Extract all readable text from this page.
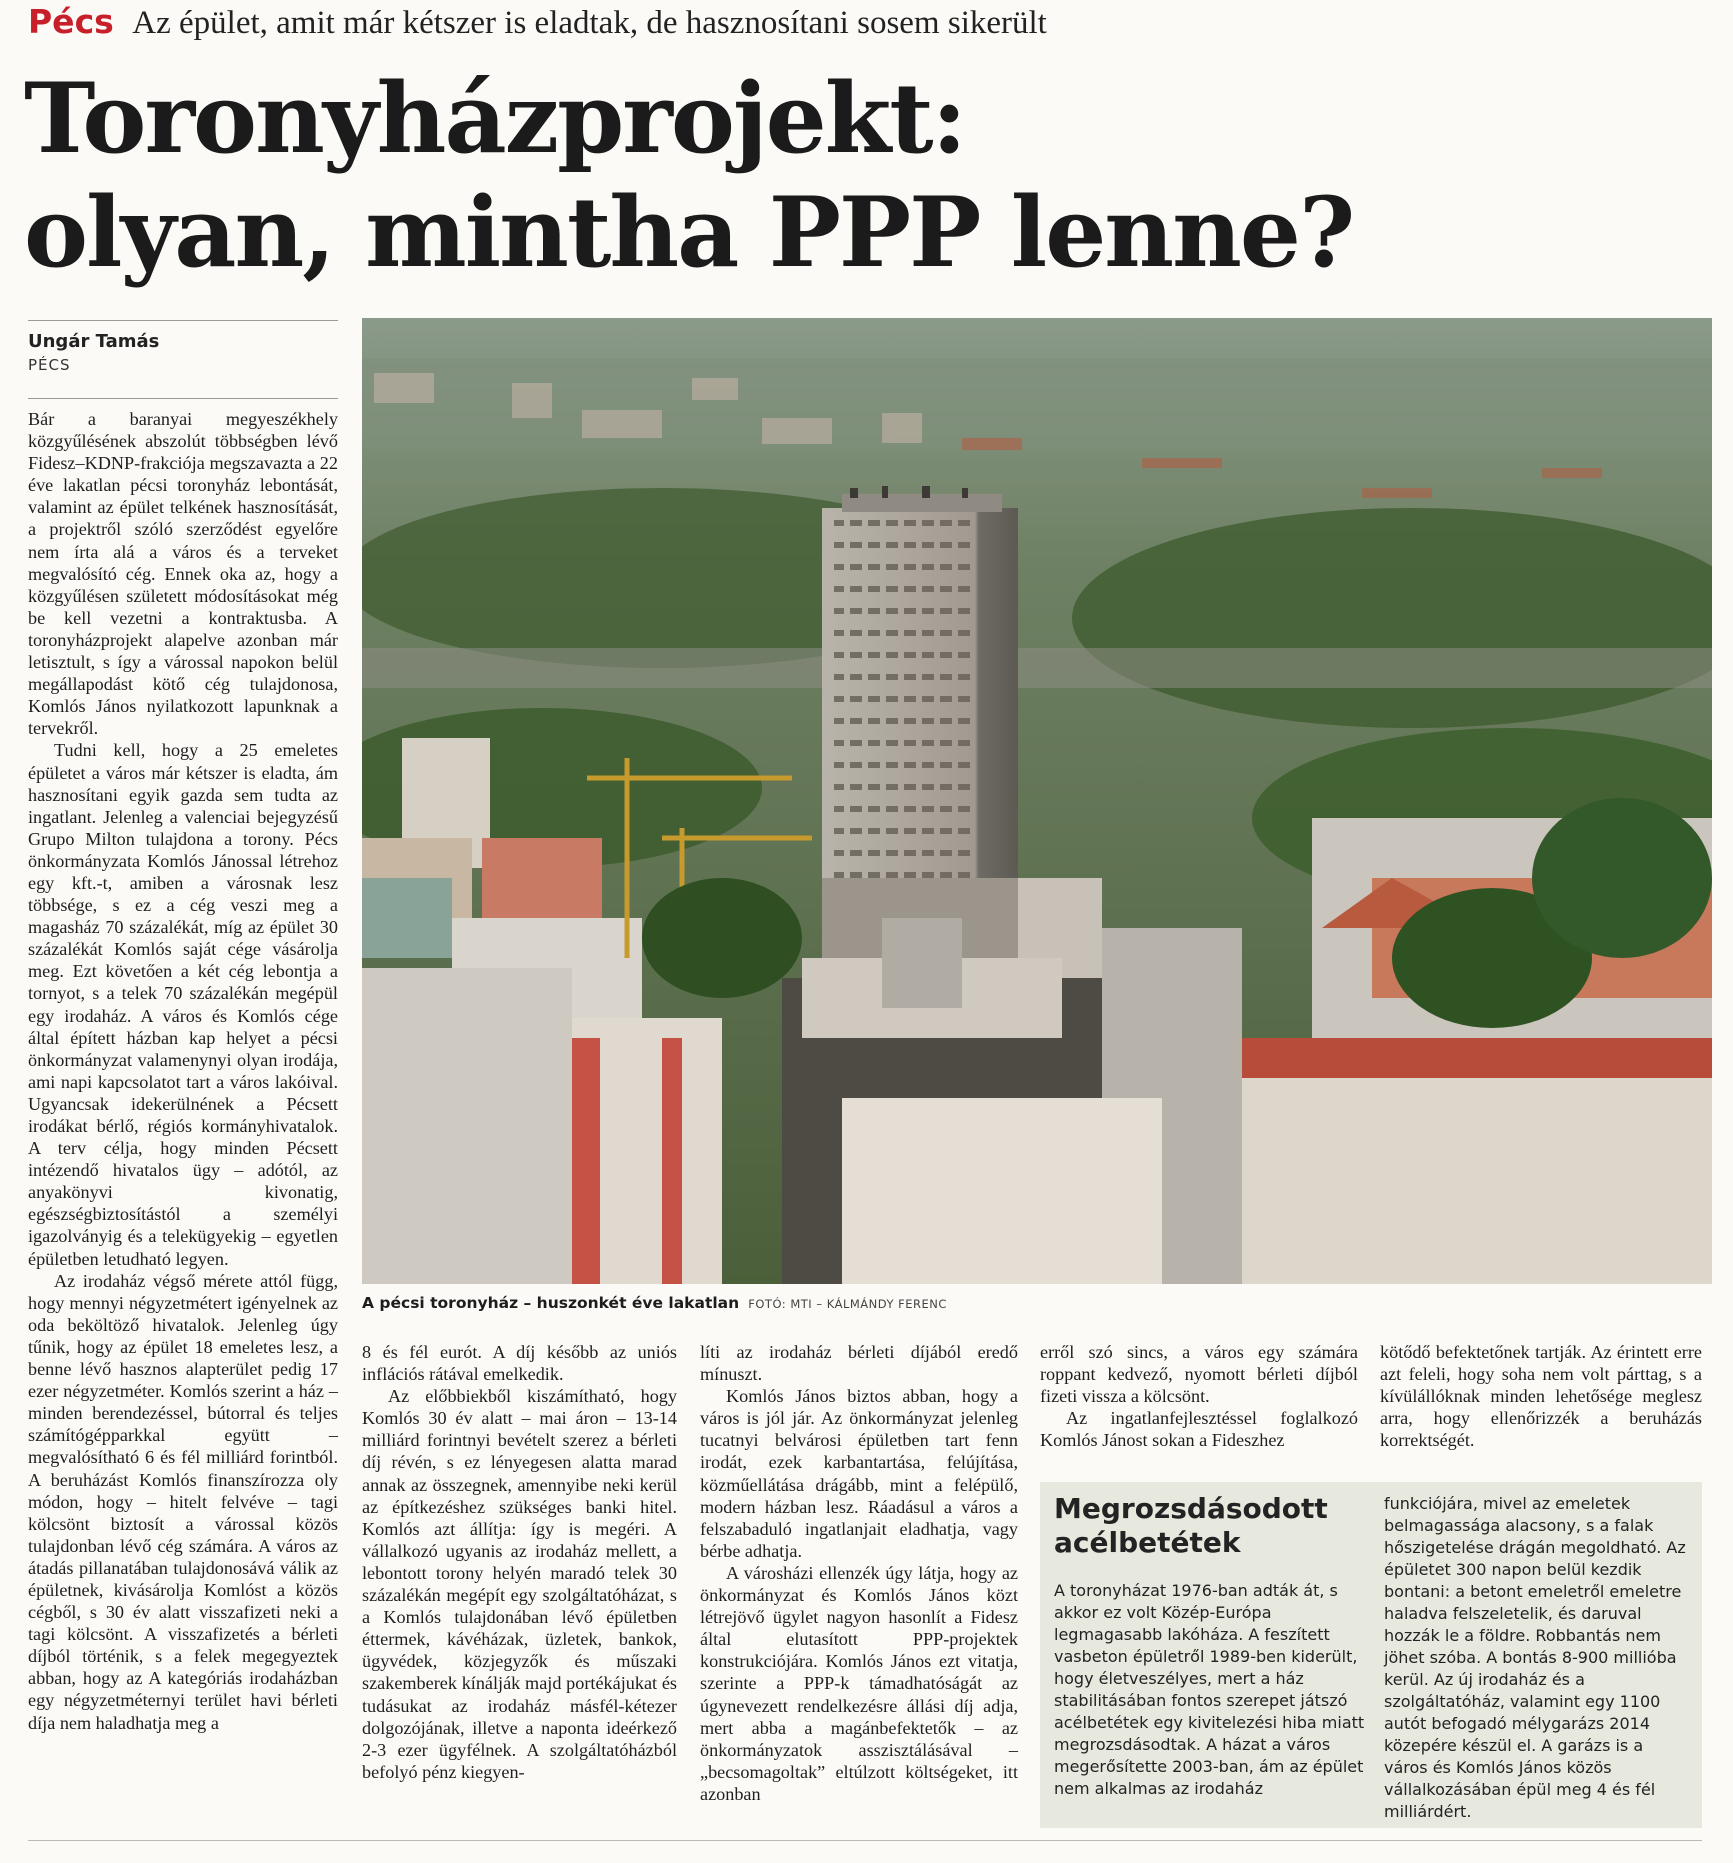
Pécs Az épület, amit már kétszer is eladtak, de hasznosítani sosem sikerült
Toronyházprojekt:
olyan, mintha PPP lenne?
Ungár Tamás
PÉCS

Bár a baranyai megyeszékhely közgyűlésének abszolút többségben lévő Fidesz–KDNP-frakciója megszavazta a 22 éve lakatlan pécsi toronyház lebontását, valamint az épület telkének hasznosítását, a projektről szóló szerződést egyelőre nem írta alá a város és a terveket megvalósító cég. Ennek oka az, hogy a közgyűlésen született módosításokat még be kell vezetni a kontraktusba. A toronyházprojekt alapelve azonban már letisztult, s így a várossal napokon belül megállapodást kötő cég tulajdonosa, Komlós János nyilatkozott lapunknak a tervekről.

Tudni kell, hogy a 25 emeletes épületet a város már kétszer is eladta, ám hasznosítani egyik gazda sem tudta az ingatlant. Jelenleg a valenciai bejegyzésű Grupo Milton tulajdona a torony. Pécs önkormányzata Komlós Jánossal létrehoz egy kft.-t, amiben a városnak lesz többsége, s ez a cég veszi meg a magasház 70 százalékát, míg az épület 30 százalékát Komlós saját cége vásárolja meg. Ezt követően a két cég lebontja a tornyot, s a telek 70 százalékán megépül egy irodaház. A város és Komlós cége által épített házban kap helyet a pécsi önkormányzat valamenynyi olyan irodája, ami napi kapcsolatot tart a város lakóival. Ugyancsak idekerülnének a Pécsett irodákat bérlő, régiós kormányhivatalok. A terv célja, hogy minden Pécsett intézendő hivatalos ügy – adótól, az anyakönyvi kivonatig, egészségbiztosítástól a személyi igazolványig és a telekügyekig – egyetlen épületben letudható legyen.

Az irodaház végső mérete attól függ, hogy mennyi négyzetmétert igényelnek az oda beköltöző hivatalok. Jelenleg úgy tűnik, hogy az épület 18 emeletes lesz, a benne lévő hasznos alapterület pedig 17 ezer négyzetméter. Komlós szerint a ház – minden berendezéssel, bútorral és teljes számítógépparkkal együtt – megvalósítható 6 és fél milliárd forintból. A beruházást Komlós finanszírozza oly módon, hogy – hitelt felvéve – tagi kölcsönt biztosít a várossal közös tulajdonban lévő cég számára. A város az átadás pillanatában tulajdonosává válik az épületnek, kivásárolja Komlóst a közös cégből, s 30 év alatt visszafizeti neki a tagi kölcsönt. A visszafizetés a bérleti díjból történik, s a felek megegyeztek abban, hogy az A kategóriás irodaházban egy négyzetméternyi terület havi bérleti díja nem haladhatja meg a

A pécsi toronyház – huszonkét éve lakatlan FOTÓ: MTI – KÁLMÁNDY FERENC

8 és fél eurót. A díj később az uniós inflációs rátával emelkedik.

Az előbbiekből kiszámítható, hogy Komlós 30 év alatt – mai áron – 13-14 milliárd forintnyi bevételt szerez a bérleti díj révén, s ez lényegesen alatta marad annak az összegnek, amennyibe neki kerül az építkezéshez szükséges banki hitel. Komlós azt állítja: így is megéri. A vállalkozó ugyanis az irodaház mellett, a lebontott torony helyén maradó telek 30 százalékán megépít egy szolgáltatóházat, s a Komlós tulajdonában lévő épületben éttermek, kávéházak, üzletek, bankok, ügyvédek, közjegyzők és műszaki szakemberek kínálják majd portékájukat és tudásukat az irodaház másfél-kétezer dolgozójának, illetve a naponta ideérkező 2-3 ezer ügyfélnek. A szolgáltatóházból befolyó pénz kiegyen-

líti az irodaház bérleti díjából eredő mínuszt.

Komlós János biztos abban, hogy a város is jól jár. Az önkormányzat jelenleg tucatnyi belvárosi épületben tart fenn irodát, ezek karbantartása, felújítása, közműellátása drágább, mint a felépülő, modern házban lesz. Ráadásul a város a felszabaduló ingatlanjait eladhatja, vagy bérbe adhatja.

A városházi ellenzék úgy látja, hogy az önkormányzat és Komlós János közt létrejövő ügylet nagyon hasonlít a Fidesz által elutasított PPP-projektek konstrukciójára. Komlós János ezt vitatja, szerinte a PPP-k támadhatóságát az úgynevezett rendelkezésre állási díj adja, mert abba a magánbefektetők – az önkormányzatok asszisztálásával – „becsomagoltak” eltúlzott költségeket, itt azonban

erről szó sincs, a város egy számára roppant kedvező, nyomott bérleti díjból fizeti vissza a kölcsönt.

Az ingatlanfejlesztéssel foglalkozó Komlós Jánost sokan a Fideszhez

kötődő befektetőnek tartják. Az érintett erre azt feleli, hogy soha nem volt párttag, s a kívülállóknak minden lehetősége meglesz arra, hogy ellenőrizzék a beruházás korrektségét.

Megrozsdásodott acélbetétek

A toronyházat 1976-ban adták át, s akkor ez volt Közép-Európa legmagasabb lakóháza. A feszített vasbeton épületről 1989-ben kiderült, hogy életveszélyes, mert a ház stabilitásában fontos szerepet játszó acélbetétek egy kivitelezési hiba miatt megrozsdásodtak. A házat a város megerősítette 2003-ban, ám az épület nem alkalmas az irodaház

funkciójára, mivel az emeletek belmagassága alacsony, s a falak hőszigetelése drágán megoldható. Az épületet 300 napon belül kezdik bontani: a betont emeletről emeletre haladva felszeletelik, és daruval hozzák le a földre. Robbantás nem jöhet szóba. A bontás 8-900 millióba kerül. Az új irodaház és a szolgáltatóház, valamint egy 1100 autót befogadó mélygarázs 2014 közepére készül el. A garázs is a város és Komlós János közös vállalkozásában épül meg 4 és fél milliárdért.
